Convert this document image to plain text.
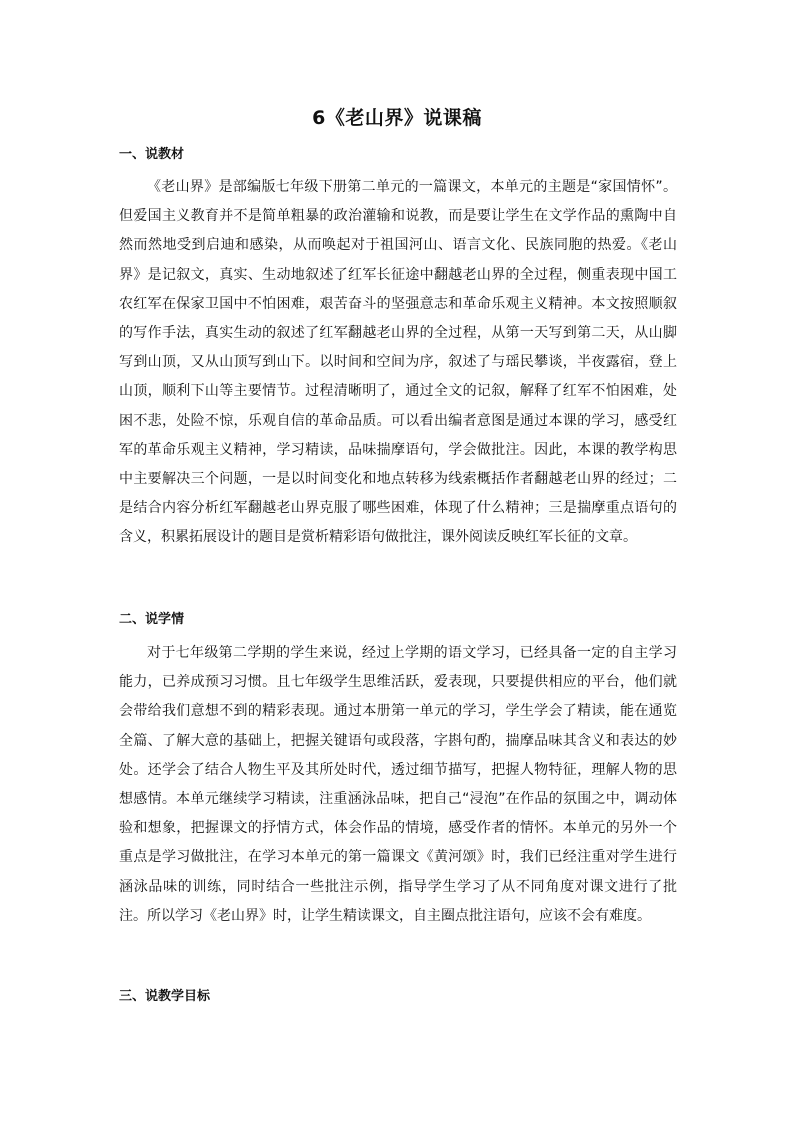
6《老山界》说课稿
一、说教材

《老山界》是部编版七年级下册第二单元的一篇课文，本单元的主题是“家国情怀”。但爱国主义教育并不是简单粗暴的政治灌输和说教，而是要让学生在文学作品的熏陶中自然而然地受到启迪和感染，从而唤起对于祖国河山、语言文化、民族同胞的热爱。《老山界》是记叙文，真实、生动地叙述了红军长征途中翻越老山界的全过程，侧重表现中国工农红军在保家卫国中不怕困难，艰苦奋斗的坚强意志和革命乐观主义精神。本文按照顺叙的写作手法，真实生动的叙述了红军翻越老山界的全过程，从第一天写到第二天，从山脚写到山顶，又从山顶写到山下。以时间和空间为序，叙述了与瑶民攀谈，半夜露宿，登上山顶，顺利下山等主要情节。过程清晰明了，通过全文的记叙，解释了红军不怕困难，处困不悲，处险不惊，乐观自信的革命品质。可以看出编者意图是通过本课的学习，感受红军的革命乐观主义精神，学习精读，品味揣摩语句，学会做批注。因此，本课的教学构思中主要解决三个问题，一是以时间变化和地点转移为线索概括作者翻越老山界的经过；二是结合内容分析红军翻越老山界克服了哪些困难，体现了什么精神；三是揣摩重点语句的含义，积累拓展设计的题目是赏析精彩语句做批注，课外阅读反映红军长征的文章。

二、说学情

对于七年级第二学期的学生来说，经过上学期的语文学习，已经具备一定的自主学习能力，已养成预习习惯。且七年级学生思维活跃，爱表现，只要提供相应的平台，他们就会带给我们意想不到的精彩表现。通过本册第一单元的学习，学生学会了精读，能在通览全篇、了解大意的基础上，把握关键语句或段落，字斟句酌，揣摩品味其含义和表达的妙处。还学会了结合人物生平及其所处时代，透过细节描写，把握人物特征，理解人物的思想感情。本单元继续学习精读，注重涵泳品味，把自己“浸泡”在作品的氛围之中，调动体验和想象，把握课文的抒情方式，体会作品的情境，感受作者的情怀。本单元的另外一个重点是学习做批注，在学习本单元的第一篇课文《黄河颂》时，我们已经注重对学生进行涵泳品味的训练，同时结合一些批注示例，指导学生学习了从不同角度对课文进行了批注。所以学习《老山界》时，让学生精读课文，自主圈点批注语句，应该不会有难度。

三、说教学目标
